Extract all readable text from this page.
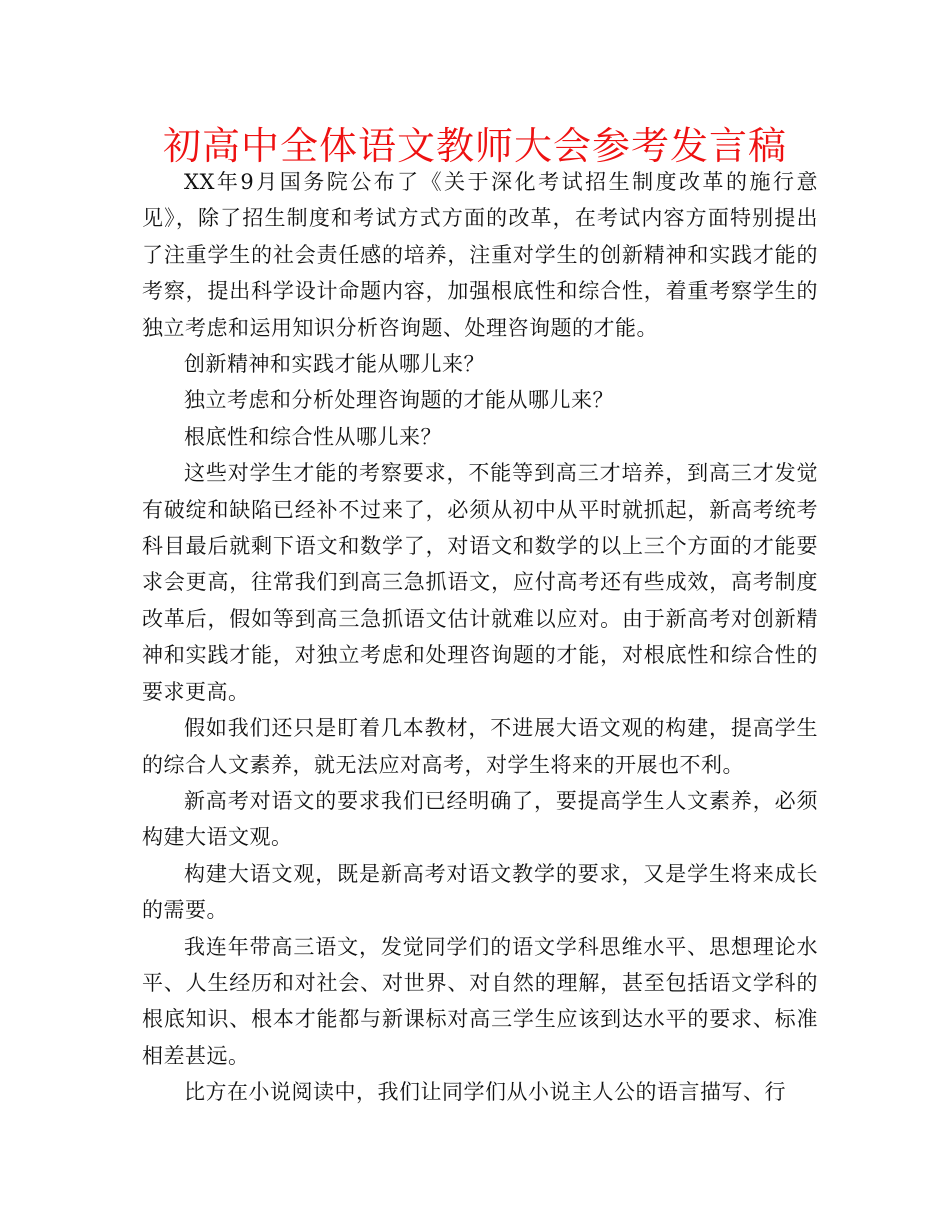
初高中全体语文教师大会参考发言稿

XX年9月国务院公布了《关于深化考试招生制度改革的施行意见》，除了招生制度和考试方式方面的改革，在考试内容方面特别提出了注重学生的社会责任感的培养，注重对学生的创新精神和实践才能的考察，提出科学设计命题内容，加强根底性和综合性，着重考察学生的独立考虑和运用知识分析咨询题、处理咨询题的才能。

创新精神和实践才能从哪儿来？

独立考虑和分析处理咨询题的才能从哪儿来？

根底性和综合性从哪儿来？

这些对学生才能的考察要求，不能等到高三才培养，到高三才发觉有破绽和缺陷已经补不过来了，必须从初中从平时就抓起，新高考统考科目最后就剩下语文和数学了，对语文和数学的以上三个方面的才能要求会更高，往常我们到高三急抓语文，应付高考还有些成效，高考制度改革后，假如等到高三急抓语文估计就难以应对。由于新高考对创新精神和实践才能，对独立考虑和处理咨询题的才能，对根底性和综合性的要求更高。

假如我们还只是盯着几本教材，不进展大语文观的构建，提高学生的综合人文素养，就无法应对高考，对学生将来的开展也不利。

新高考对语文的要求我们已经明确了，要提高学生人文素养，必须构建大语文观。

构建大语文观，既是新高考对语文教学的要求，又是学生将来成长的需要。

我连年带高三语文，发觉同学们的语文学科思维水平、思想理论水平、人生经历和对社会、对世界、对自然的理解，甚至包括语文学科的根底知识、根本才能都与新课标对高三学生应该到达水平的要求、标准相差甚远。

比方在小说阅读中，我们让同学们从小说主人公的语言描写、行
